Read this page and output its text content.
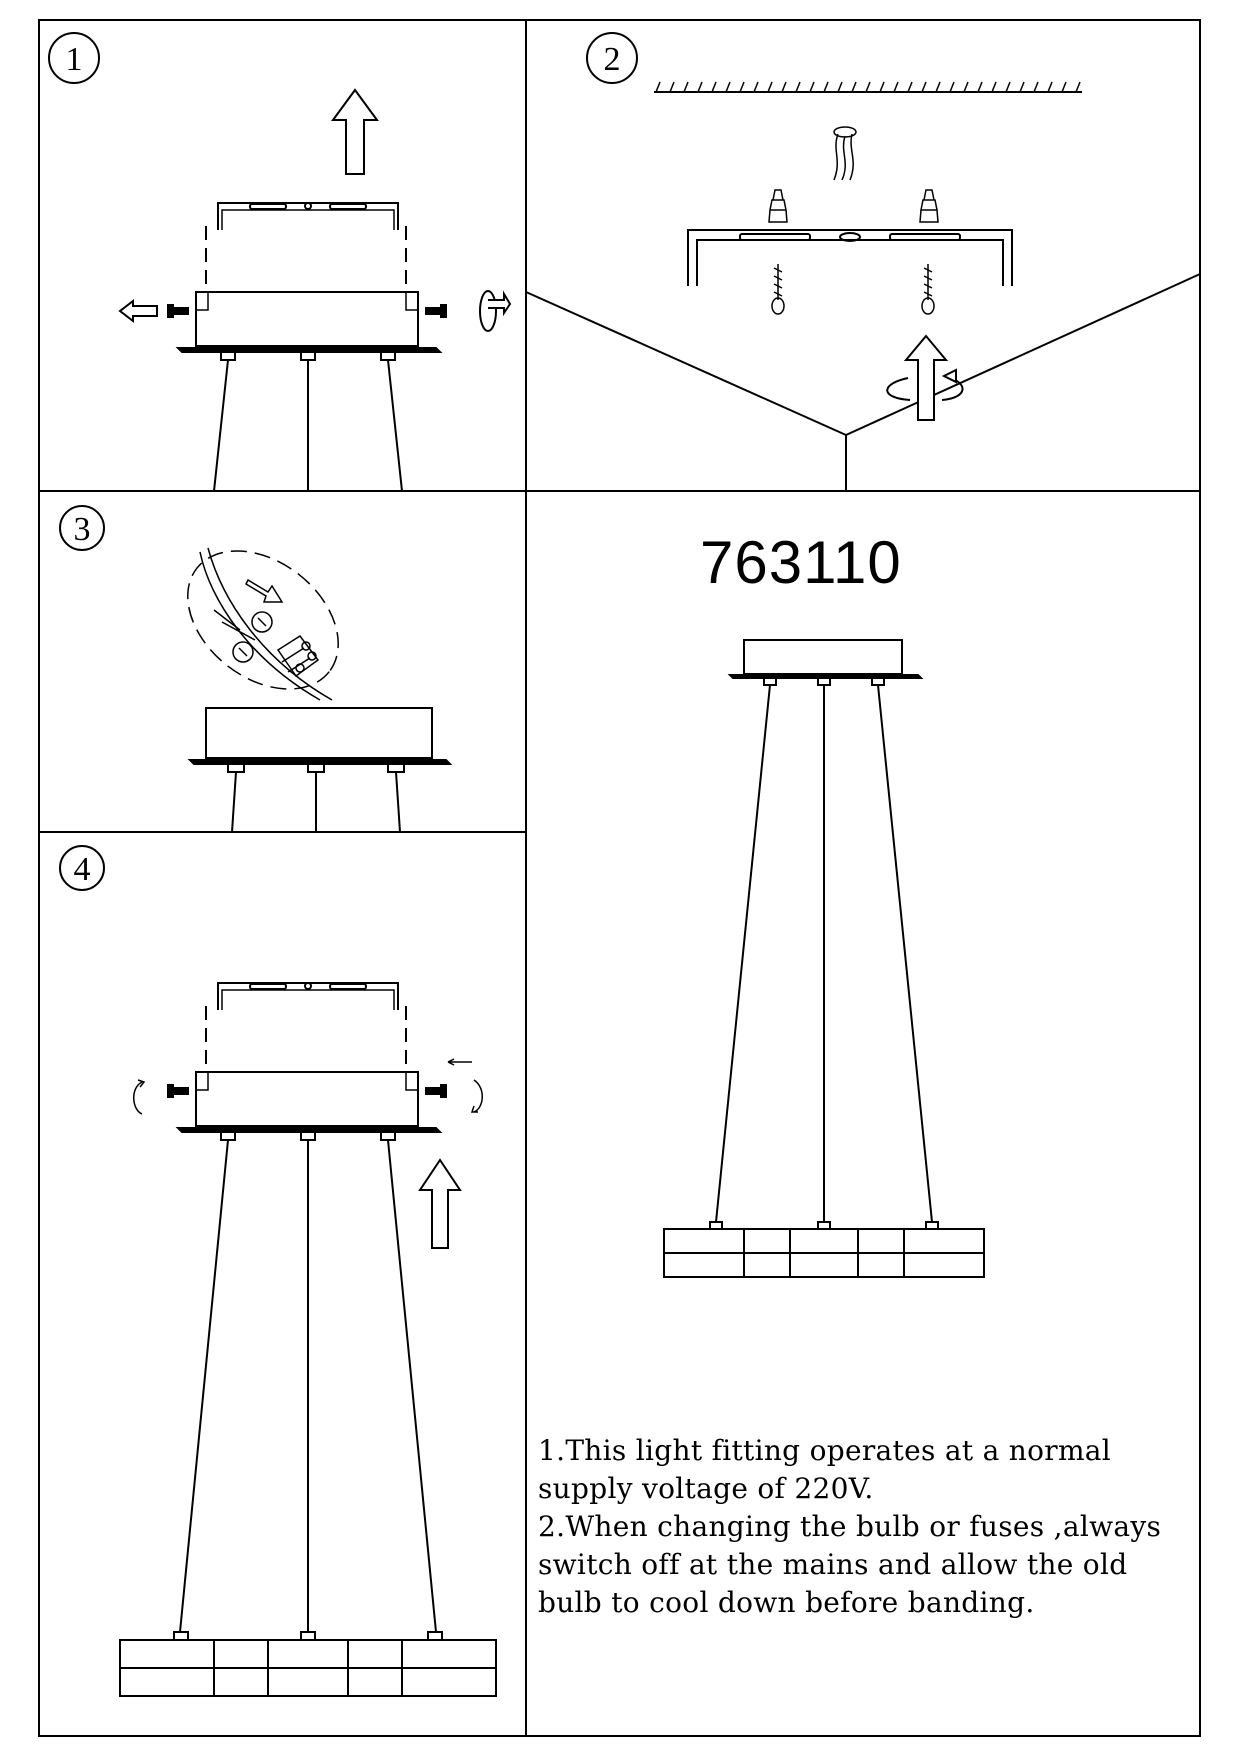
1	2
3
4
763110
1.This light fitting operates at a normal
supply voltage of 220V.
2.When changing the bulb or fuses ,always
switch off at the mains and allow the old
bulb to cool down before banding.
